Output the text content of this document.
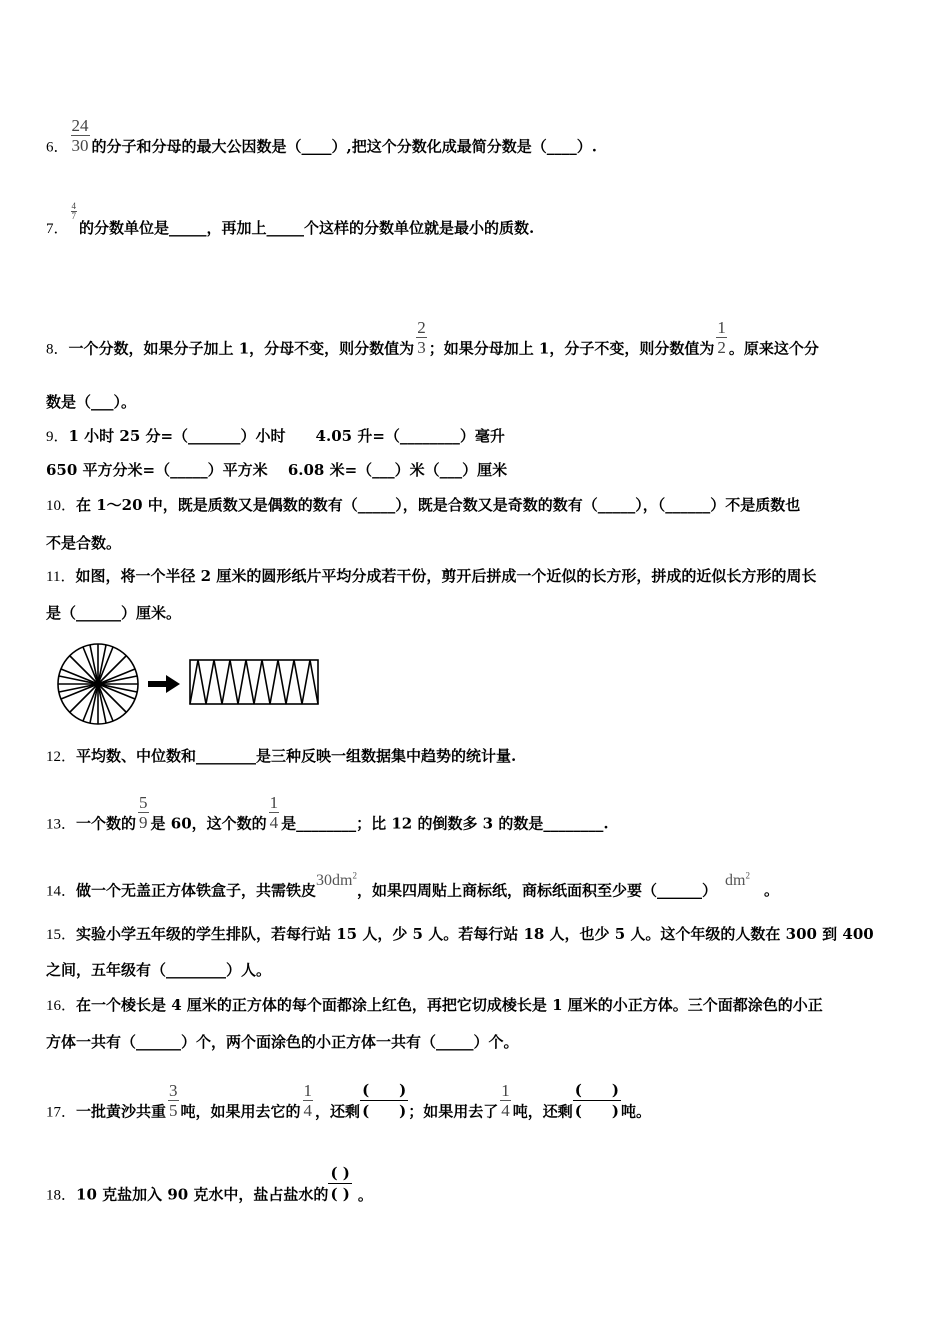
6． $\frac{24}{30}$ 的分子和分母的最大公因数是（____）,把这个分数化成最简分数是（____）.
7．
$\frac{4}{7}$
的分数单位是_____，再加上_____个这样的分数单位就是最小的质数.
8．一个分数，如果分子加上 1，分母不变，则分数值为 $\frac{2}{3}$ ；如果分母加上 1，分子不变，则分数值为 $\frac{1}{2}$ 。原来这个分
数是（___）。
9．1 小时 25 分=（_______）小时　　4.05 升=（________）毫升
650 平方分米=（_____）平方米　 6.08 米=（___）米（___）厘米
10．在 1～20 中，既是质数又是偶数的数有（_____），既是合数又是奇数的数有（_____），（______）不是质数也
不是合数。
11．如图，将一个半径 2 厘米的圆形纸片平均分成若干份，剪开后拼成一个近似的长方形，拼成的近似长方形的周长
是（______）厘米。
12．平均数、中位数和________是三种反映一组数据集中趋势的统计量.
13．一个数的 $\frac{5}{9}$ 是 60，这个数的 $\frac{1}{4}$ 是________；比 12 的倒数多 3 的数是________.
14．做一个无盖正方体铁盒子，共需铁皮$30dm^2$，如果四周贴上商标纸，商标纸面积至少要$(\_\_\_\_\_\_)dm^2$。
15．实验小学五年级的学生排队，若每行站 15 人，少 5 人。若每行站 18 人，也少 5 人。这个年级的人数在 300 到 400
之间，五年级有（________）人。
16．在一个棱长是 4 厘米的正方体的每个面都涂上红色，再把它切成棱长是 1 厘米的小正方体。三个面都涂色的小正
方体一共有（______）个，两个面涂色的小正方体一共有（_____）个。
17．一批黄沙共重 $\frac{3}{5}$ 吨，如果用去它的 $\frac{1}{4}$ ，还剩
(　　)
(　　) ；如果用去了 $\frac{1}{4}$ 吨，还剩
(　　)
(　　) 吨。
18．10 克盐加入 90 克水中，盐占盐水的
( )
( ) 。
